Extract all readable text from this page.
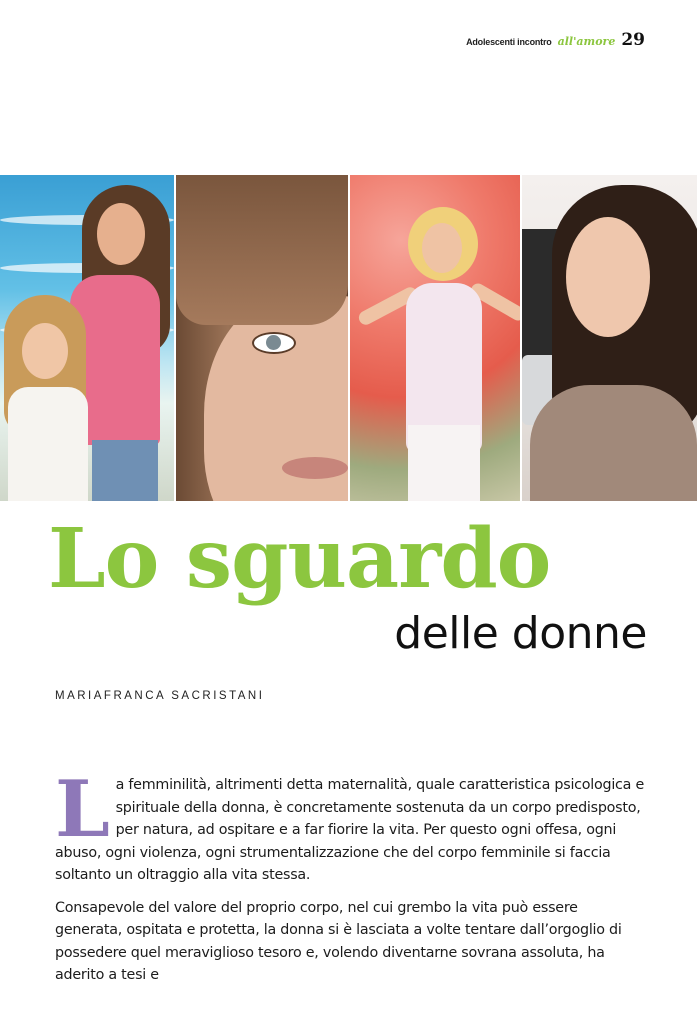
Adolescenti incontro all'amore 29
Lo sguardo
delle donne
MARIAFRANCA SACRISTANI

La femminilità, altrimenti detta maternalità, quale caratteristica psicologica e spirituale della donna, è concretamente sostenuta da un corpo predisposto, per natura, ad ospitare e a far fiorire la vita. Per questo ogni offesa, ogni abuso, ogni violenza, ogni strumentalizzazione che del corpo femminile si faccia soltanto un oltraggio alla vita stessa.

Consapevole del valore del proprio corpo, nel cui grembo la vita può essere generata, ospitata e protetta, la donna si è lasciata a volte tentare dall’orgoglio di possedere quel meraviglioso tesoro e, volendo diventarne sovrana assoluta, ha aderito a tesi e
